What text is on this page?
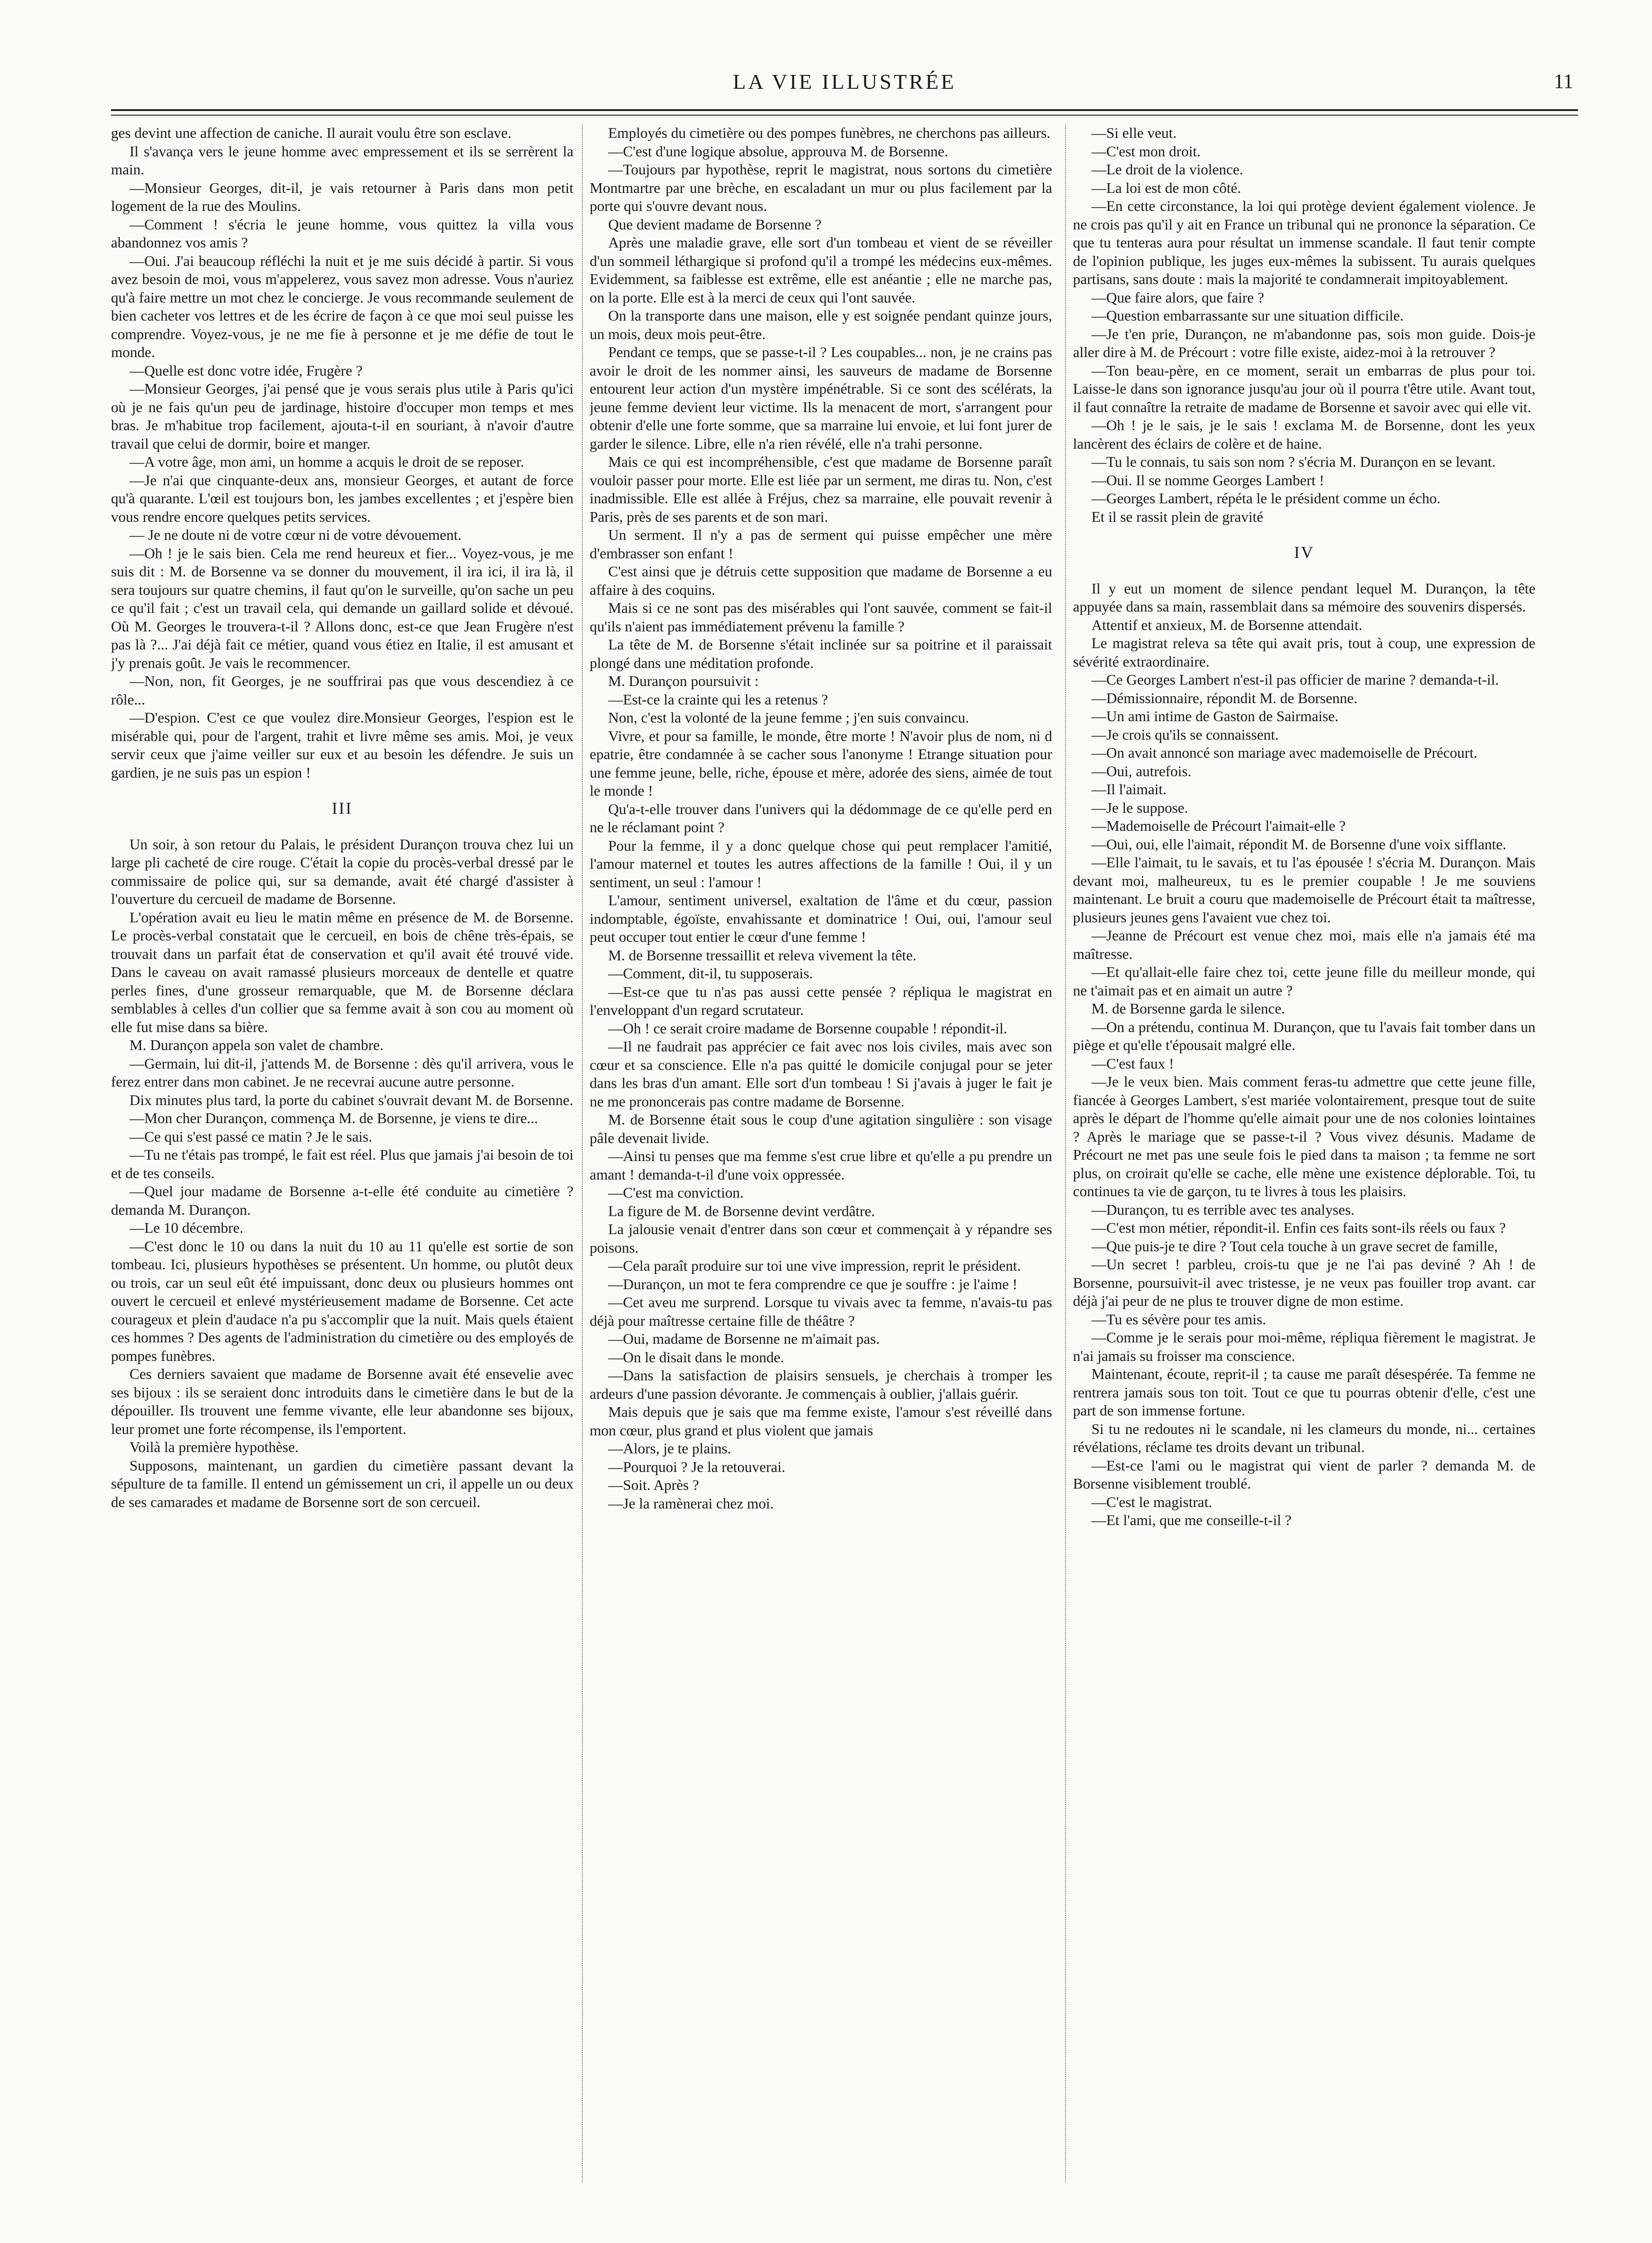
LA VIE ILLUSTRÉE	11

ges devint une affection de caniche. Il aurait voulu être son esclave.

Il s'avança vers le jeune homme avec empressement et ils se serrèrent la main.

—Monsieur Georges, dit-il, je vais retourner à Paris dans mon petit logement de la rue des Moulins.

—Comment ! s'écria le jeune homme, vous quittez la villa vous abandonnez vos amis ?

—Oui. J'ai beaucoup réfléchi la nuit et je me suis décidé à partir. Si vous avez besoin de moi, vous m'appelerez, vous savez mon adresse. Vous n'auriez qu'à faire mettre un mot chez le concierge. Je vous recommande seulement de bien cacheter vos lettres et de les écrire de façon à ce que moi seul puisse les comprendre. Voyez-vous, je ne me fie à personne et je me défie de tout le monde.

—Quelle est donc votre idée, Frugère ?

—Monsieur Georges, j'ai pensé que je vous serais plus utile à Paris qu'ici où je ne fais qu'un peu de jardinage, histoire d'occuper mon temps et mes bras. Je m'habitue trop facilement, ajouta-t-il en souriant, à n'avoir d'autre travail que celui de dormir, boire et manger.

—A votre âge, mon ami, un homme a acquis le droit de se reposer.

—Je n'ai que cinquante-deux ans, monsieur Georges, et autant de force qu'à quarante. L'œil est toujours bon, les jambes excellentes ; et j'espère bien vous rendre encore quelques petits services.

— Je ne doute ni de votre cœur ni de votre dévouement.

—Oh ! je le sais bien. Cela me rend heureux et fier... Voyez-vous, je me suis dit : M. de Borsenne va se donner du mouvement, il ira ici, il ira là, il sera toujours sur quatre chemins, il faut qu'on le surveille, qu'on sache un peu ce qu'il fait ; c'est un travail cela, qui demande un gaillard solide et dévoué. Où M. Georges le trouvera-t-il ? Allons donc, est-ce que Jean Frugère n'est pas là ?... J'ai déjà fait ce métier, quand vous étiez en Italie, il est amusant et j'y prenais goût. Je vais le recommencer.

—Non, non, fit Georges, je ne souffrirai pas que vous descendiez à ce rôle...

—D'espion. C'est ce que voulez dire.Monsieur Georges, l'espion est le misérable qui, pour de l'argent, trahit et livre même ses amis. Moi, je veux servir ceux que j'aime veiller sur eux et au besoin les défendre. Je suis un gardien, je ne suis pas un espion !

III

Un soir, à son retour du Palais, le président Durançon trouva chez lui un large pli cacheté de cire rouge. C'était la copie du procès-verbal dressé par le commissaire de police qui, sur sa demande, avait été chargé d'assister à l'ouverture du cercueil de madame de Borsenne.

L'opération avait eu lieu le matin même en présence de M. de Borsenne. Le procès-verbal constatait que le cercueil, en bois de chêne très-épais, se trouvait dans un parfait état de conservation et qu'il avait été trouvé vide. Dans le caveau on avait ramassé plusieurs morceaux de dentelle et quatre perles fines, d'une grosseur remarquable, que M. de Borsenne déclara semblables à celles d'un collier que sa femme avait à son cou au moment où elle fut mise dans sa bière.

M. Durançon appela son valet de chambre.

—Germain, lui dit-il, j'attends M. de Borsenne : dès qu'il arrivera, vous le ferez entrer dans mon cabinet. Je ne recevrai aucune autre personne.

Dix minutes plus tard, la porte du cabinet s'ouvrait devant M. de Borsenne.

—Mon cher Durançon, commença M. de Borsenne, je viens te dire...

—Ce qui s'est passé ce matin ? Je le sais.

—Tu ne t'étais pas trompé, le fait est réel. Plus que jamais j'ai besoin de toi et de tes conseils.

—Quel jour madame de Borsenne a-t-elle été conduite au cimetière ? demanda M. Durançon.

—Le 10 décembre.

—C'est donc le 10 ou dans la nuit du 10 au 11 qu'elle est sortie de son tombeau. Ici, plusieurs hypothèses se présentent. Un homme, ou plutôt deux ou trois, car un seul eût été impuissant, donc deux ou plusieurs hommes ont ouvert le cercueil et enlevé mystérieusement madame de Borsenne. Cet acte courageux et plein d'audace n'a pu s'accomplir que la nuit. Mais quels étaient ces hommes ? Des agents de l'administration du cimetière ou des employés de pompes funèbres.

Ces derniers savaient que madame de Borsenne avait été ensevelie avec ses bijoux : ils se seraient donc introduits dans le cimetière dans le but de la dépouiller. Ils trouvent une femme vivante, elle leur abandonne ses bijoux, leur promet une forte récompense, ils l'emportent.

Voilà la première hypothèse.

Supposons, maintenant, un gardien du cimetière passant devant la sépulture de ta famille. Il entend un gémissement un cri, il appelle un ou deux de ses camarades et madame de Borsenne sort de son cercueil.

Employés du cimetière ou des pompes funèbres, ne cherchons pas ailleurs.

—C'est d'une logique absolue, approuva M. de Borsenne.

—Toujours par hypothèse, reprit le magistrat, nous sortons du cimetière Montmartre par une brèche, en escaladant un mur ou plus facilement par la porte qui s'ouvre devant nous.

Que devient madame de Borsenne ?

Après une maladie grave, elle sort d'un tombeau et vient de se réveiller d'un sommeil léthargique si profond qu'il a trompé les médecins eux-mêmes. Evidemment, sa faiblesse est extrême, elle est anéantie ; elle ne marche pas, on la porte. Elle est à la merci de ceux qui l'ont sauvée.

On la transporte dans une maison, elle y est soignée pendant quinze jours, un mois, deux mois peut-être.

Pendant ce temps, que se passe-t-il ? Les coupables... non, je ne crains pas avoir le droit de les nommer ainsi, les sauveurs de madame de Borsenne entourent leur action d'un mystère impénétrable. Si ce sont des scélérats, la jeune femme devient leur victime. Ils la menacent de mort, s'arrangent pour obtenir d'elle une forte somme, que sa marraine lui envoie, et lui font jurer de garder le silence. Libre, elle n'a rien révélé, elle n'a trahi personne.

Mais ce qui est incompréhensible, c'est que madame de Borsenne paraît vouloir passer pour morte. Elle est liée par un serment, me diras tu. Non, c'est inadmissible. Elle est allée à Fréjus, chez sa marraine, elle pouvait revenir à Paris, près de ses parents et de son mari.

Un serment. Il n'y a pas de serment qui puisse empêcher une mère d'embrasser son enfant !

C'est ainsi que je détruis cette supposition que madame de Borsenne a eu affaire à des coquins.

Mais si ce ne sont pas des misérables qui l'ont sauvée, comment se fait-il qu'ils n'aient pas immédiatement prévenu la famille ?

La tête de M. de Borsenne s'était inclinée sur sa poitrine et il paraissait plongé dans une méditation profonde.

M. Durançon poursuivit :

—Est-ce la crainte qui les a retenus ?

Non, c'est la volonté de la jeune femme ; j'en suis convaincu.

Vivre, et pour sa famille, le monde, être morte ! N'avoir plus de nom, ni d epatrie, être condamnée à se cacher sous l'anonyme ! Etrange situation pour une femme jeune, belle, riche, épouse et mère, adorée des siens, aimée de tout le monde !

Qu'a-t-elle trouver dans l'univers qui la dédommage de ce qu'elle perd en ne le réclamant point ?

Pour la femme, il y a donc quelque chose qui peut remplacer l'amitié, l'amour maternel et toutes les autres affections de la famille ! Oui, il y un sentiment, un seul : l'amour !

L'amour, sentiment universel, exaltation de l'âme et du cœur, passion indomptable, égoïste, envahissante et dominatrice ! Oui, oui, l'amour seul peut occuper tout entier le cœur d'une femme !

M. de Borsenne tressaillit et releva vivement la tête.

—Comment, dit-il, tu supposerais.

—Est-ce que tu n'as pas aussi cette pensée ? répliqua le magistrat en l'enveloppant d'un regard scrutateur.

—Oh ! ce serait croire madame de Borsenne coupable ! répondit-il.

—Il ne faudrait pas apprécier ce fait avec nos lois civiles, mais avec son cœur et sa conscience. Elle n'a pas quitté le domicile conjugal pour se jeter dans les bras d'un amant. Elle sort d'un tombeau ! Si j'avais à juger le fait je ne me prononcerais pas contre madame de Borsenne.

M. de Borsenne était sous le coup d'une agitation singulière : son visage pâle devenait livide.

—Ainsi tu penses que ma femme s'est crue libre et qu'elle a pu prendre un amant ! demanda-t-il d'une voix oppressée.

—C'est ma conviction.

La figure de M. de Borsenne devint verdâtre.

La jalousie venait d'entrer dans son cœur et commençait à y répandre ses poisons.

—Cela paraît produire sur toi une vive impression, reprit le président.

—Durançon, un mot te fera comprendre ce que je souffre : je l'aime !

—Cet aveu me surprend. Lorsque tu vivais avec ta femme, n'avais-tu pas déjà pour maîtresse certaine fille de théâtre ?

—Oui, madame de Borsenne ne m'aimait pas.

—On le disait dans le monde.

—Dans la satisfaction de plaisirs sensuels, je cherchais à tromper les ardeurs d'une passion dévorante. Je commençais à oublier, j'allais guérir.

Mais depuis que je sais que ma femme existe, l'amour s'est réveillé dans mon cœur, plus grand et plus violent que jamais

—Alors, je te plains.

—Pourquoi ? Je la retouverai.

—Soit. Après ?

—Je la ramènerai chez moi.

—Si elle veut.

—C'est mon droit.

—Le droit de la violence.

—La loi est de mon côté.

—En cette circonstance, la loi qui protège devient également violence. Je ne crois pas qu'il y ait en France un tribunal qui ne prononce la séparation. Ce que tu tenteras aura pour résultat un immense scandale. Il faut tenir compte de l'opinion publique, les juges eux-mêmes la subissent. Tu aurais quelques partisans, sans doute : mais la majorité te condamnerait impitoyablement.

—Que faire alors, que faire ?

—Question embarrassante sur une situation difficile.

—Je t'en prie, Durançon, ne m'abandonne pas, sois mon guide. Dois-je aller dire à M. de Précourt : votre fille existe, aidez-moi à la retrouver ?

—Ton beau-père, en ce moment, serait un embarras de plus pour toi. Laisse-le dans son ignorance jusqu'au jour où il pourra t'être utile. Avant tout, il faut connaître la retraite de madame de Borsenne et savoir avec qui elle vit.

—Oh ! je le sais, je le sais ! exclama M. de Borsenne, dont les yeux lancèrent des éclairs de colère et de haine.

—Tu le connais, tu sais son nom ? s'écria M. Durançon en se levant.

—Oui. Il se nomme Georges Lambert !

—Georges Lambert, répéta le le président comme un écho.

Et il se rassit plein de gravité

IV

Il y eut un moment de silence pendant lequel M. Durançon, la tête appuyée dans sa main, rassemblait dans sa mémoire des souvenirs dispersés.

Attentif et anxieux, M. de Borsenne attendait.

Le magistrat releva sa tête qui avait pris, tout à coup, une expression de sévérité extraordinaire.

—Ce Georges Lambert n'est-il pas officier de marine ? demanda-t-il.

—Démissionnaire, répondit M. de Borsenne.

—Un ami intime de Gaston de Sairmaise.

—Je crois qu'ils se connaissent.

—On avait annoncé son mariage avec mademoiselle de Précourt.

—Oui, autrefois.

—Il l'aimait.

—Je le suppose.

—Mademoiselle de Précourt l'aimait-elle ?

—Oui, oui, elle l'aimait, répondit M. de Borsenne d'une voix sifflante.

—Elle l'aimait, tu le savais, et tu l'as épousée ! s'écria M. Durançon. Mais devant moi, malheureux, tu es le premier coupable ! Je me souviens maintenant. Le bruit a couru que mademoiselle de Précourt était ta maîtresse, plusieurs jeunes gens l'avaient vue chez toi.

—Jeanne de Précourt est venue chez moi, mais elle n'a jamais été ma maîtresse.

—Et qu'allait-elle faire chez toi, cette jeune fille du meilleur monde, qui ne t'aimait pas et en aimait un autre ?

M. de Borsenne garda le silence.

—On a prétendu, continua M. Durançon, que tu l'avais fait tomber dans un piège et qu'elle t'épousait malgré elle.

—C'est faux !

—Je le veux bien. Mais comment feras-tu admettre que cette jeune fille, fiancée à Georges Lambert, s'est mariée volontairement, presque tout de suite après le départ de l'homme qu'elle aimait pour une de nos colonies lointaines ? Après le mariage que se passe-t-il ? Vous vivez désunis. Madame de Précourt ne met pas une seule fois le pied dans ta maison ; ta femme ne sort plus, on croirait qu'elle se cache, elle mène une existence déplorable. Toi, tu continues ta vie de garçon, tu te livres à tous les plaisirs.

—Durançon, tu es terrible avec tes analyses.

—C'est mon métier, répondit-il. Enfin ces faits sont-ils réels ou faux ?

—Que puis-je te dire ? Tout cela touche à un grave secret de famille,

—Un secret ! parbleu, crois-tu que je ne l'ai pas deviné ? Ah ! de Borsenne, poursuivit-il avec tristesse, je ne veux pas fouiller trop avant. car déjà j'ai peur de ne plus te trouver digne de mon estime.

—Tu es sévère pour tes amis.

—Comme je le serais pour moi-même, répliqua fièrement le magistrat. Je n'ai jamais su froisser ma conscience.

Maintenant, écoute, reprit-il ; ta cause me paraît désespérée. Ta femme ne rentrera jamais sous ton toit. Tout ce que tu pourras obtenir d'elle, c'est une part de son immense fortune.

Si tu ne redoutes ni le scandale, ni les clameurs du monde, ni... certaines révélations, réclame tes droits devant un tribunal.

—Est-ce l'ami ou le magistrat qui vient de parler ? demanda M. de Borsenne visiblement troublé.

—C'est le magistrat.

—Et l'ami, que me conseille-t-il ?
